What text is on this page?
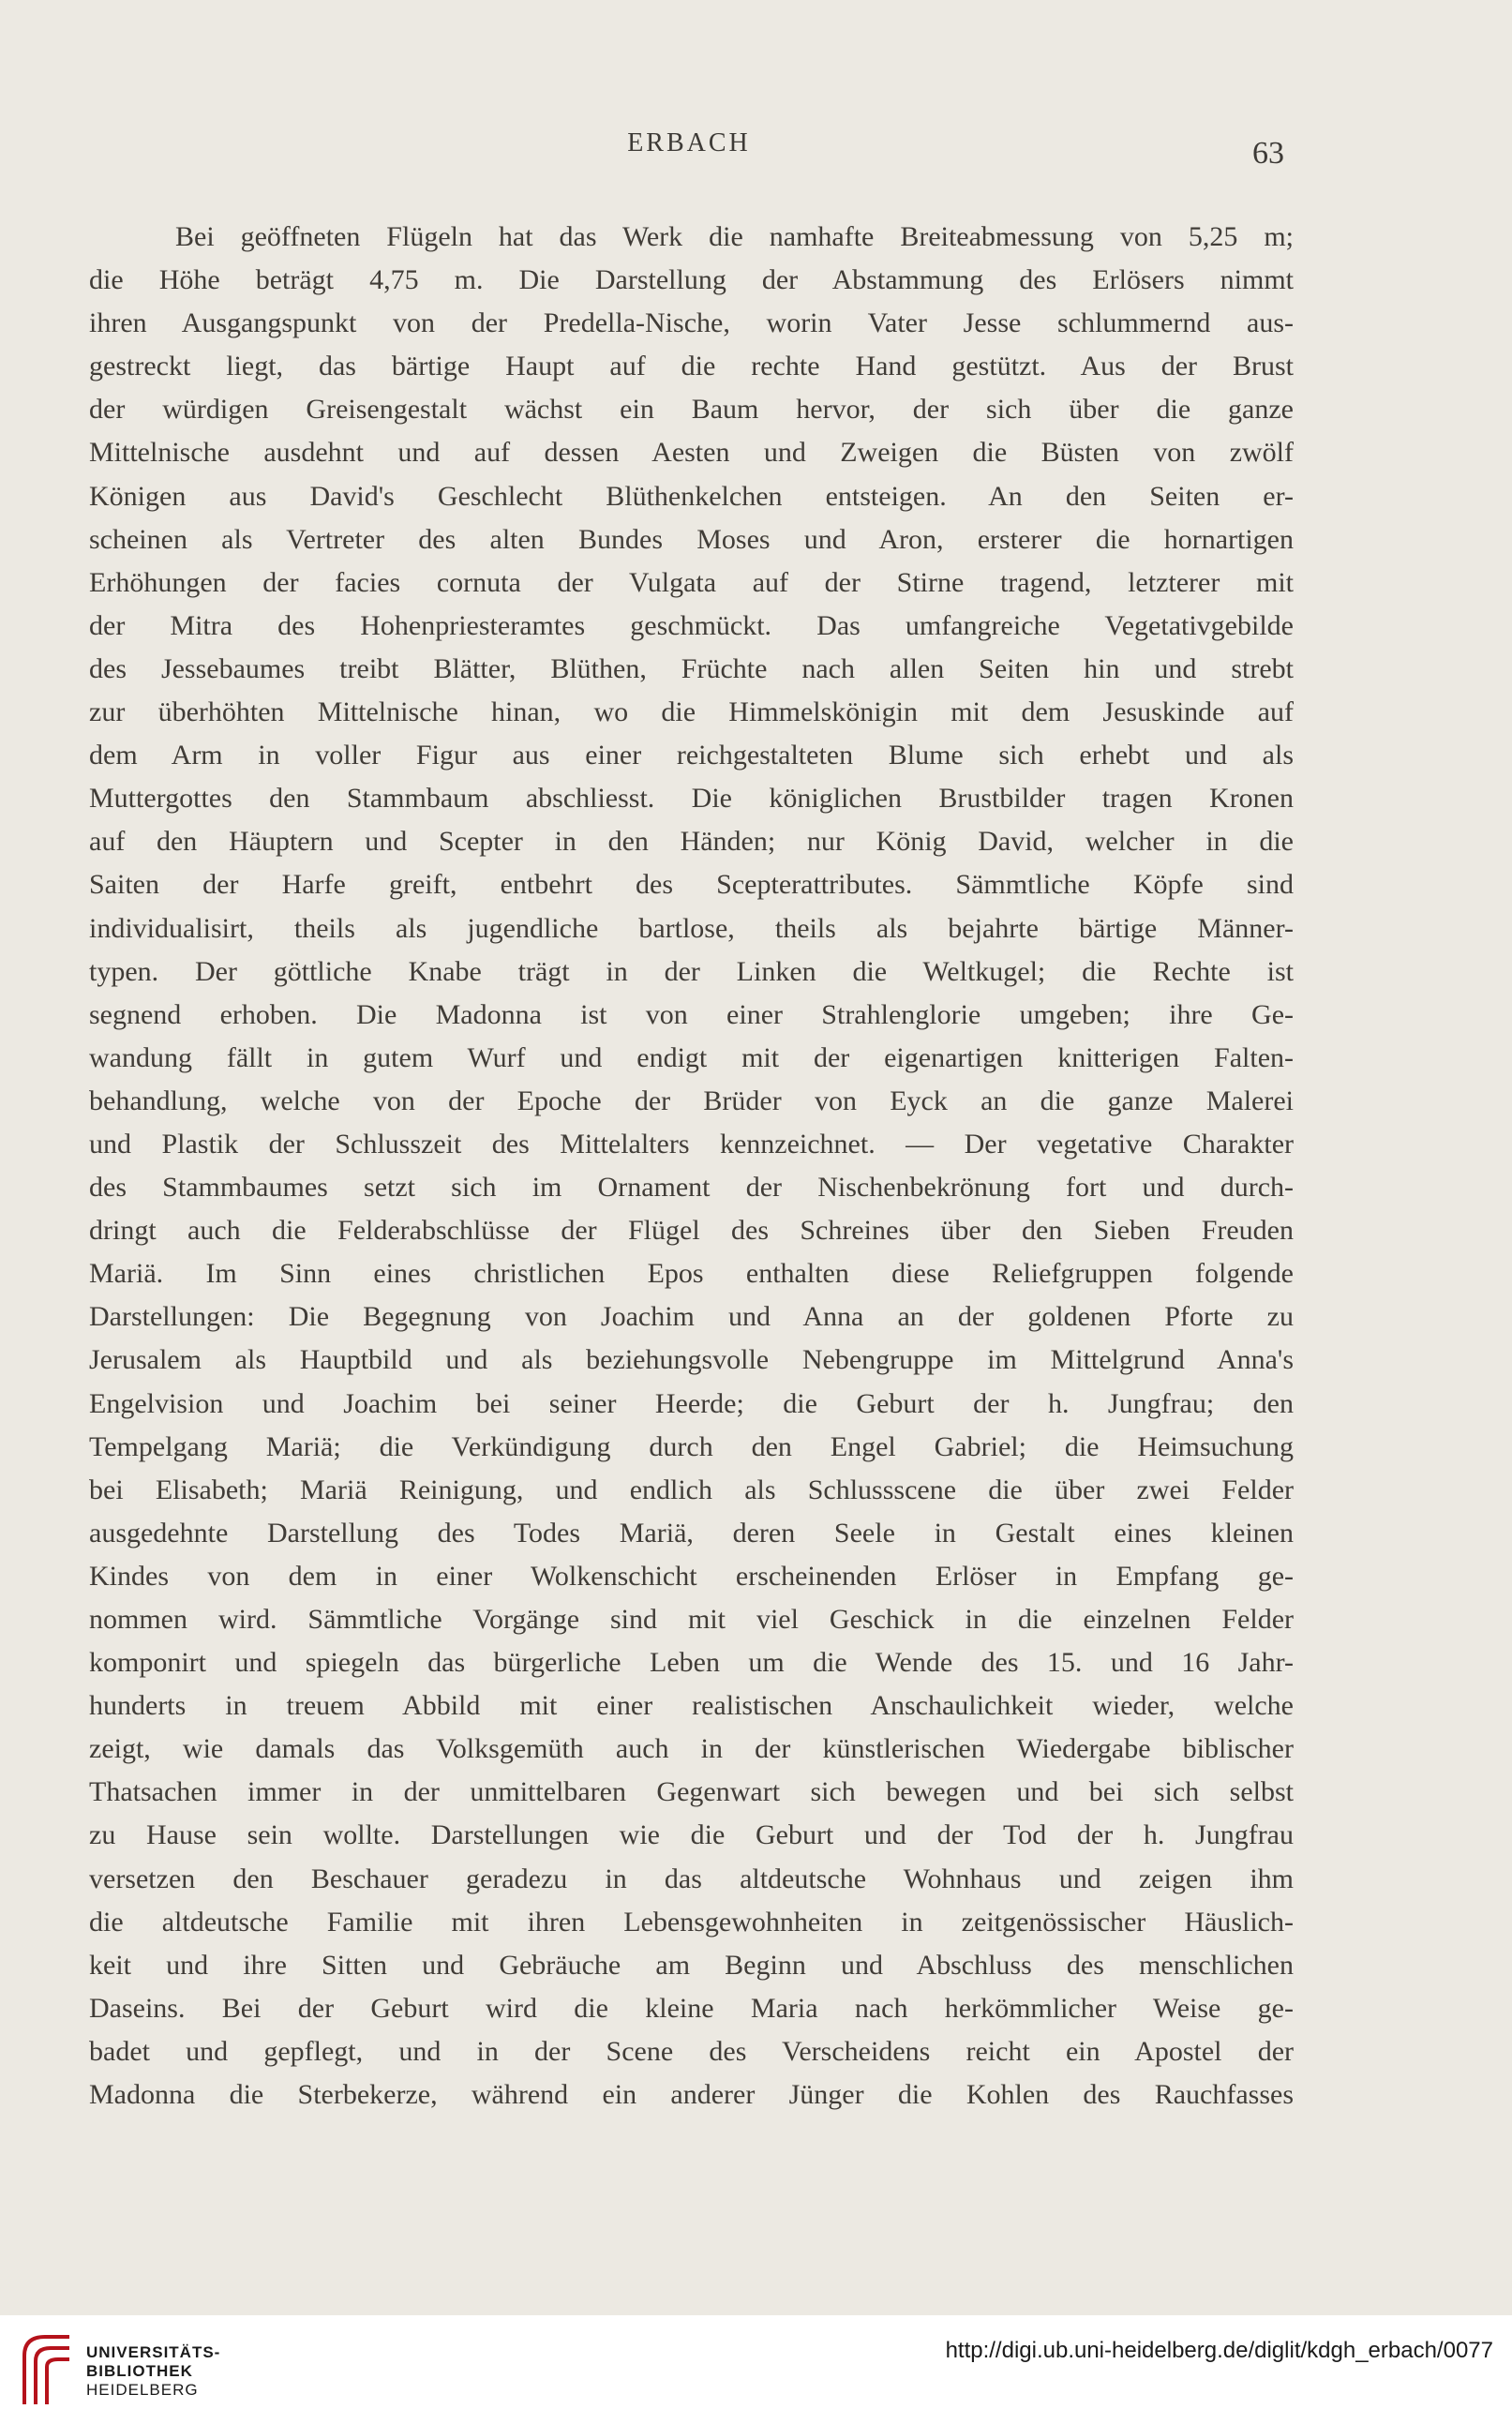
ERBACH	63
Bei geöffneten Flügeln hat das Werk die namhafte Breiteabmessung von 5,25 m;
die Höhe beträgt 4,75 m. Die Darstellung der Abstammung des Erlösers nimmt
ihren Ausgangspunkt von der Predella-Nische, worin Vater Jesse schlummernd aus-
gestreckt liegt, das bärtige Haupt auf die rechte Hand gestützt. Aus der Brust
der würdigen Greisengestalt wächst ein Baum hervor, der sich über die ganze
Mittelnische ausdehnt und auf dessen Aesten und Zweigen die Büsten von zwölf
Königen aus David's Geschlecht Blüthenkelchen entsteigen. An den Seiten er-
scheinen als Vertreter des alten Bundes Moses und Aron, ersterer die hornartigen
Erhöhungen der facies cornuta der Vulgata auf der Stirne tragend, letzterer mit
der Mitra des Hohenpriesteramtes geschmückt. Das umfangreiche Vegetativgebilde
des Jessebaumes treibt Blätter, Blüthen, Früchte nach allen Seiten hin und strebt
zur überhöhten Mittelnische hinan, wo die Himmelskönigin mit dem Jesuskinde auf
dem Arm in voller Figur aus einer reichgestalteten Blume sich erhebt und als
Muttergottes den Stammbaum abschliesst. Die königlichen Brustbilder tragen Kronen
auf den Häuptern und Scepter in den Händen; nur König David, welcher in die
Saiten der Harfe greift, entbehrt des Scepterattributes. Sämmtliche Köpfe sind
individualisirt, theils als jugendliche bartlose, theils als bejahrte bärtige Männer-
typen. Der göttliche Knabe trägt in der Linken die Weltkugel; die Rechte ist
segnend erhoben. Die Madonna ist von einer Strahlenglorie umgeben; ihre Ge-
wandung fällt in gutem Wurf und endigt mit der eigenartigen knitterigen Falten-
behandlung, welche von der Epoche der Brüder von Eyck an die ganze Malerei
und Plastik der Schlusszeit des Mittelalters kennzeichnet. — Der vegetative Charakter
des Stammbaumes setzt sich im Ornament der Nischenbekrönung fort und durch-
dringt auch die Felderabschlüsse der Flügel des Schreines über den Sieben Freuden
Mariä. Im Sinn eines christlichen Epos enthalten diese Reliefgruppen folgende
Darstellungen: Die Begegnung von Joachim und Anna an der goldenen Pforte zu
Jerusalem als Hauptbild und als beziehungsvolle Nebengruppe im Mittelgrund Anna's
Engelvision und Joachim bei seiner Heerde; die Geburt der h. Jungfrau; den
Tempelgang Mariä; die Verkündigung durch den Engel Gabriel; die Heimsuchung
bei Elisabeth; Mariä Reinigung, und endlich als Schlussscene die über zwei Felder
ausgedehnte Darstellung des Todes Mariä, deren Seele in Gestalt eines kleinen
Kindes von dem in einer Wolkenschicht erscheinenden Erlöser in Empfang ge-
nommen wird. Sämmtliche Vorgänge sind mit viel Geschick in die einzelnen Felder
komponirt und spiegeln das bürgerliche Leben um die Wende des 15. und 16 Jahr-
hunderts in treuem Abbild mit einer realistischen Anschaulichkeit wieder, welche
zeigt, wie damals das Volksgemüth auch in der künstlerischen Wiedergabe biblischer
Thatsachen immer in der unmittelbaren Gegenwart sich bewegen und bei sich selbst
zu Hause sein wollte. Darstellungen wie die Geburt und der Tod der h. Jungfrau
versetzen den Beschauer geradezu in das altdeutsche Wohnhaus und zeigen ihm
die altdeutsche Familie mit ihren Lebensgewohnheiten in zeitgenössischer Häuslich-
keit und ihre Sitten und Gebräuche am Beginn und Abschluss des menschlichen
Daseins. Bei der Geburt wird die kleine Maria nach herkömmlicher Weise ge-
badet und gepflegt, und in der Scene des Verscheidens reicht ein Apostel der
Madonna die Sterbekerze, während ein anderer Jünger die Kohlen des Rauchfasses
UNIVERSITÄTS-
BIBLIOTHEK
HEIDELBERG
http://digi.ub.uni-heidelberg.de/diglit/kdgh_erbach/0077
